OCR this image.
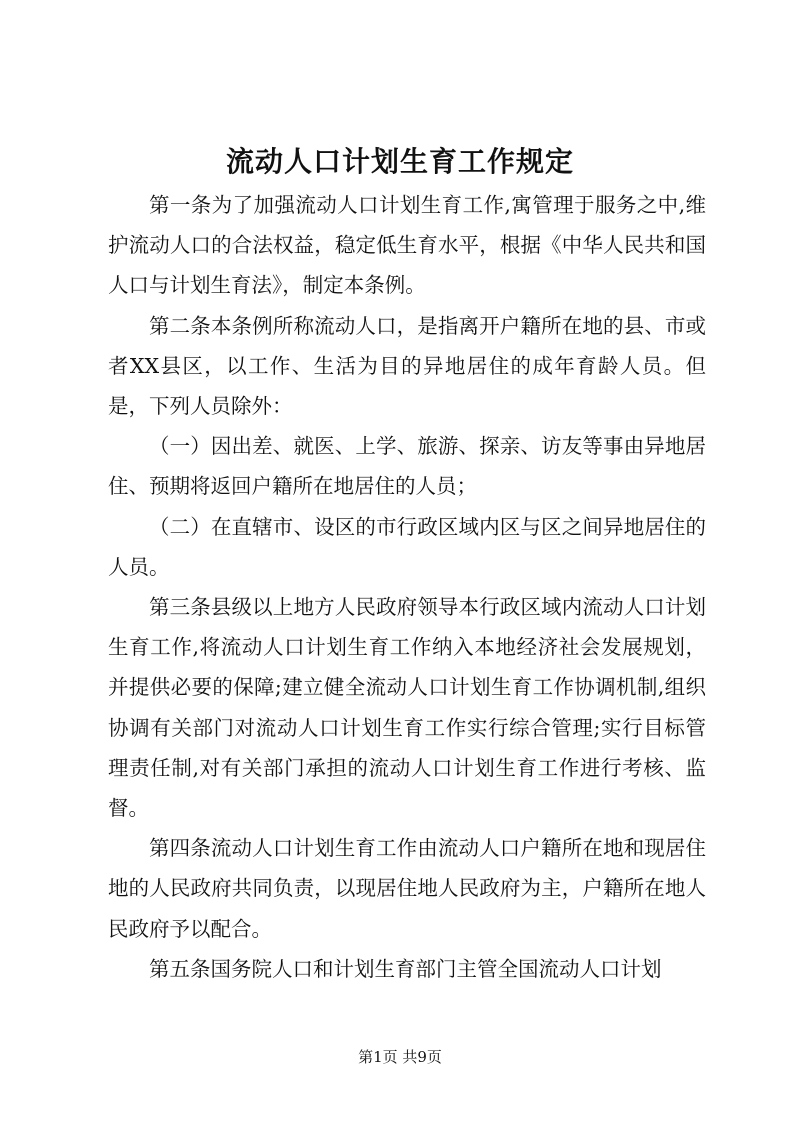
流动人口计划生育工作规定

第一条为了加强流动人口计划生育工作,寓管理于服务之中,维护流动人口的合法权益，稳定低生育水平，根据《中华人民共和国人口与计划生育法》，制定本条例。

第二条本条例所称流动人口，是指离开户籍所在地的县、市或者XX县区，以工作、生活为目的异地居住的成年育龄人员。但是，下列人员除外：

（一）因出差、就医、上学、旅游、探亲、访友等事由异地居住、预期将返回户籍所在地居住的人员；

（二）在直辖市、设区的市行政区域内区与区之间异地居住的人员。

第三条县级以上地方人民政府领导本行政区域内流动人口计划生育工作,将流动人口计划生育工作纳入本地经济社会发展规划，并提供必要的保障;建立健全流动人口计划生育工作协调机制,组织协调有关部门对流动人口计划生育工作实行综合管理;实行目标管理责任制,对有关部门承担的流动人口计划生育工作进行考核、监督。

第四条流动人口计划生育工作由流动人口户籍所在地和现居住地的人民政府共同负责，以现居住地人民政府为主，户籍所在地人民政府予以配合。

第五条国务院人口和计划生育部门主管全国流动人口计划

第1页 共9页
